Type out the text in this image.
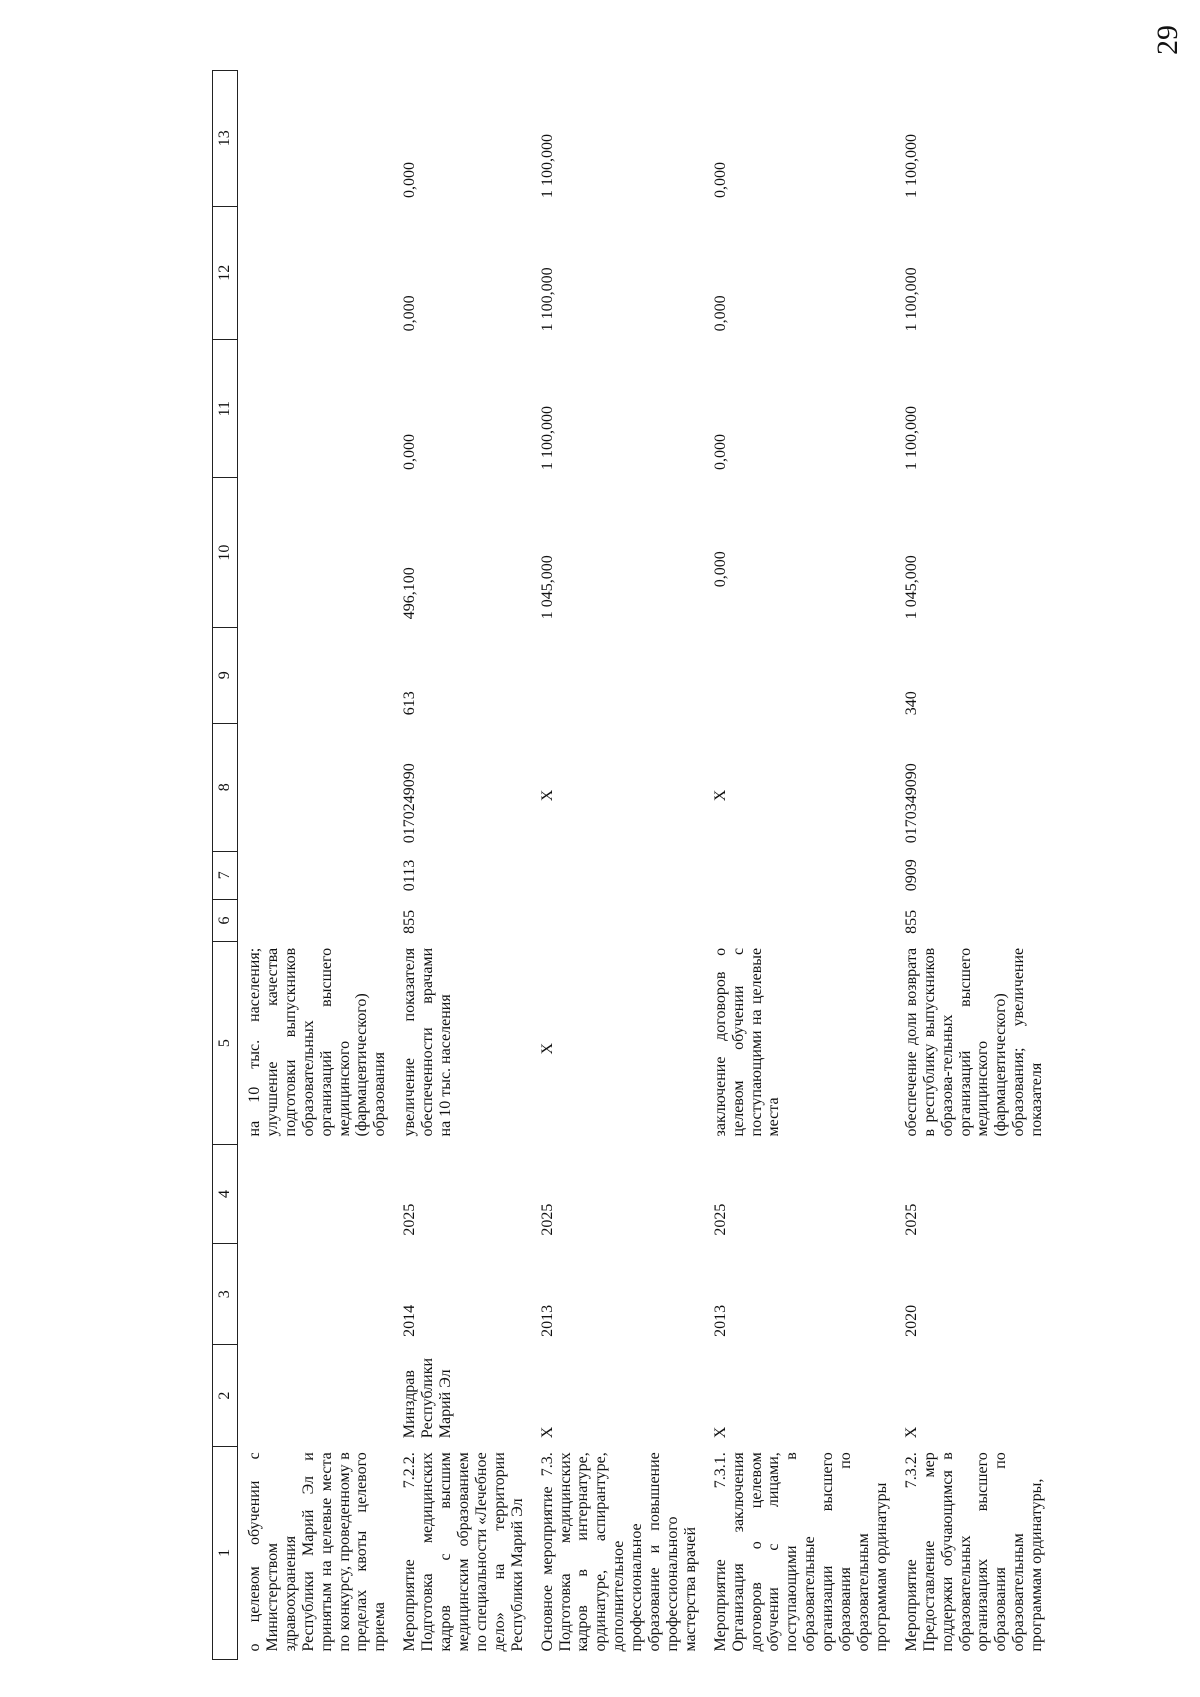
29
1	2	3	4	5	6	7	8	9	10	11	12	13
о целевом обучении с Министерством здравоохранения Республики Марий Эл и принятым на целевые места по конкурсу, проведенному в пределах квоты целевого приема				на 10 тыс. населения; улучшение качества подготовки выпускников образовательных организаций высшего медицинского (фармацевтического) образования								
Мероприятие 7.2.2. Подготовка медицинских кадров с высшим медицинским образованием по специальности «Лечебное дело» на территории Республики Марий Эл	Минздрав Республики Марий Эл	2014	2025	увеличение показателя обеспеченности врачами на 10 тыс. населения	855	0113	0170249090	613	496,100	0,000	0,000	0,000
Основное мероприятие 7.3. Подготовка медицинских кадров в интернатуре, ординатуре, аспирантуре, дополнительное профессиональное образование и повышение профессионального мастерства врачей	Х	2013	2025	Х			Х		1 045,000	1 100,000	1 100,000	1 100,000
Мероприятие 7.3.1. Организация заключения договоров о целевом обучении с лицами, поступающими в образовательные организации высшего образования по образовательным программам ординатуры	Х	2013	2025	заключение договоров о целевом обучении с поступающими на целевые места			Х		0,000	0,000	0,000	0,000
Мероприятие 7.3.2. Предоставление мер поддержки обучающимся в образовательных организациях высшего образования по образовательным программам ординатуры,	Х	2020	2025	обеспечение доли возврата в республику выпускников образова-тельных организаций высшего медицинского (фармацевтического) образования; увеличение показателя	855	0909	0170349090	340	1 045,000	1 100,000	1 100,000	1 100,000
